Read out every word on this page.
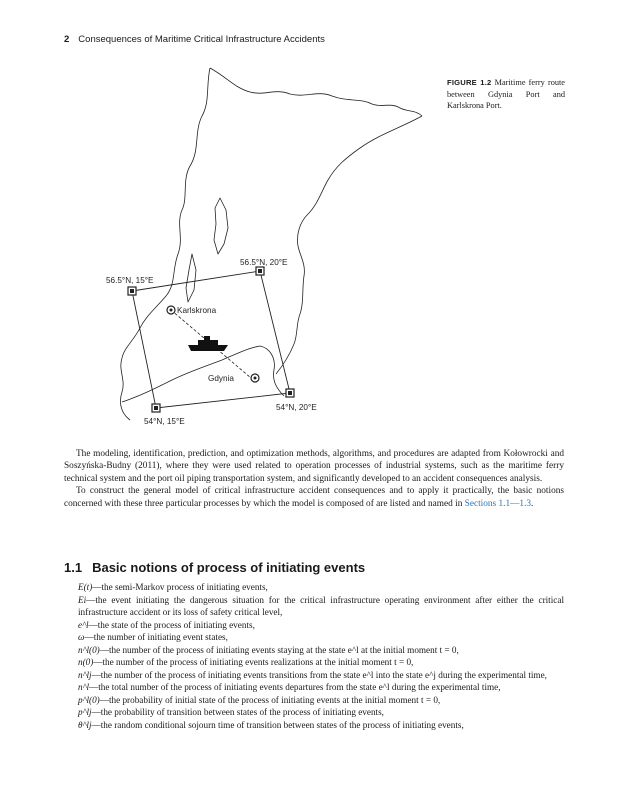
2 Consequences of Maritime Critical Infrastructure Accidents
56.5°N, 15°E
56.5°N, 20°E
54°N, 15°E
54°N, 20°E
Karlskrona
Gdynia
FIGURE 1.2 Maritime ferry route between Gdynia Port and Karlskrona Port.

The modeling, identification, prediction, and optimization methods, algorithms, and procedures are adapted from Kołowrocki and Soszyńska-Budny (2011), where they were used related to operation processes of industrial systems, such as the maritime ferry technical system and the port oil piping transportation system, and significantly developed to an accident consequences analysis.

To construct the general model of critical infrastructure accident consequences and to apply it practically, the basic notions concerned with these three particular processes by which the model is composed of are listed and named in Sections 1.1—1.3.

1.1 Basic notions of process of initiating events
E(t)—the semi-Markov process of initiating events,
Ei—the event initiating the dangerous situation for the critical infrastructure operating environment after either the critical infrastructure accident or its loss of safety critical level,
e^l—the state of the process of initiating events,
ω—the number of initiating event states,
n^l(0)—the number of the process of initiating events staying at the state e^l at the initial moment t = 0,
n(0)—the number of the process of initiating events realizations at the initial moment t = 0,
n^lj—the number of the process of initiating events transitions from the state e^l into the state e^j during the experimental time,
n^l—the total number of the process of initiating events departures from the state e^l during the experimental time,
p^l(0)—the probability of initial state of the process of initiating events at the initial moment t = 0,
p^lj—the probability of transition between states of the process of initiating events,
θ^lj—the random conditional sojourn time of transition between states of the process of initiating events,
